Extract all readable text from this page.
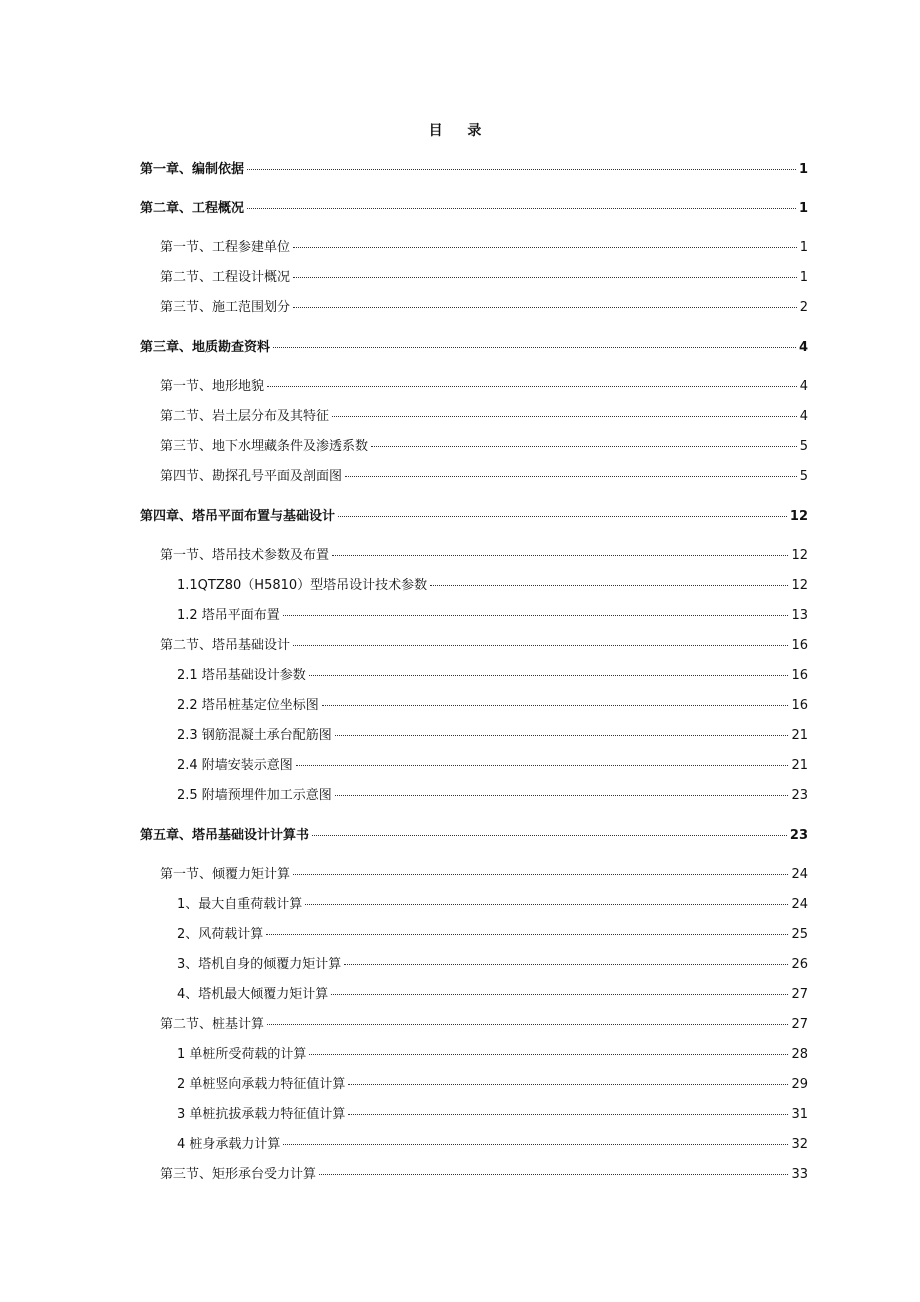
目 录
第一章、编制依据	1
第二章、工程概况	1
第一节、工程参建单位	1
第二节、工程设计概况	1
第三节、施工范围划分	2
第三章、地质勘查资料	4
第一节、地形地貌	4
第二节、岩土层分布及其特征	4
第三节、地下水埋藏条件及渗透系数	5
第四节、勘探孔号平面及剖面图	5
第四章、塔吊平面布置与基础设计	12
第一节、塔吊技术参数及布置	12
1.1QTZ80（H5810）型塔吊设计技术参数	12
1.2 塔吊平面布置	13
第二节、塔吊基础设计	16
2.1 塔吊基础设计参数	16
2.2 塔吊桩基定位坐标图	16
2.3 钢筋混凝土承台配筋图	21
2.4 附墙安装示意图	21
2.5 附墙预埋件加工示意图	23
第五章、塔吊基础设计计算书	23
第一节、倾覆力矩计算	24
1、最大自重荷载计算	24
2、风荷载计算	25
3、塔机自身的倾覆力矩计算	26
4、塔机最大倾覆力矩计算	27
第二节、桩基计算	27
1 单桩所受荷载的计算	28
2 单桩竖向承载力特征值计算	29
3 单桩抗拔承载力特征值计算	31
4 桩身承载力计算	32
第三节、矩形承台受力计算	33
